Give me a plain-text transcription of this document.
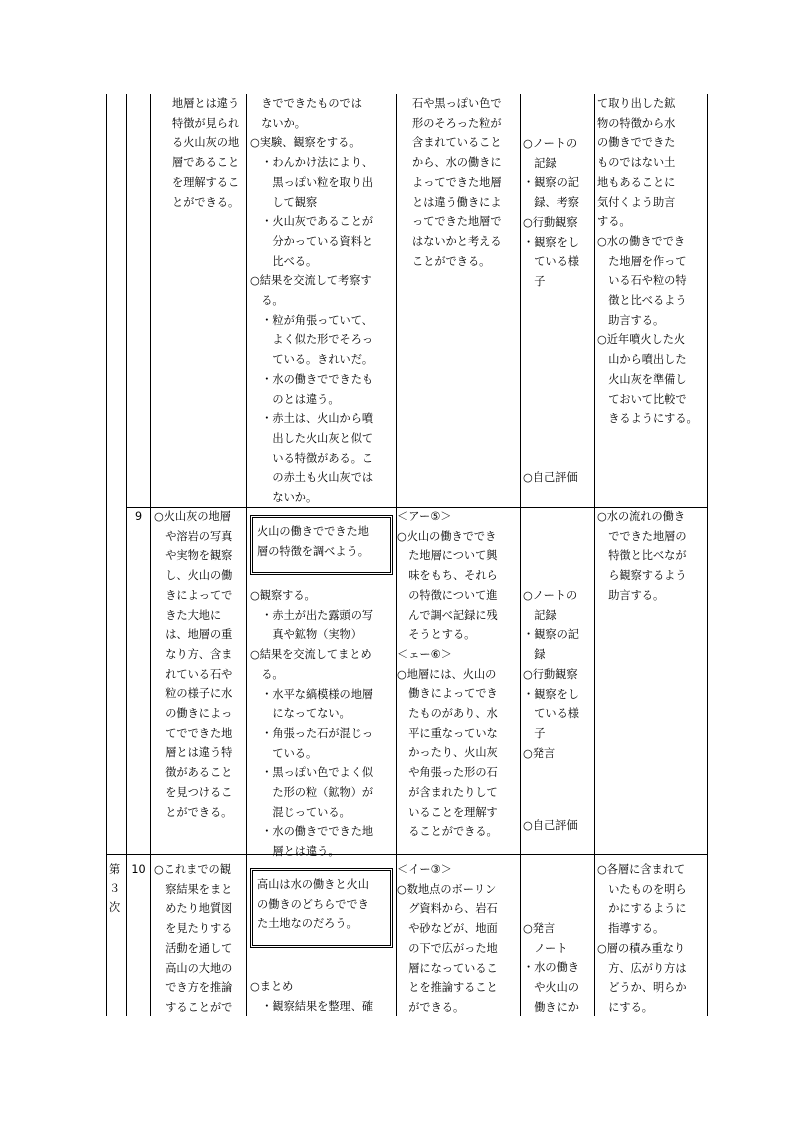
地層とは違う
特徴が見られ
る火山灰の地
層であること
を理解するこ
とができる。
　きでできたものでは
　ないか。
○実験、観察をする。
　・わんかけ法により、
　　黒っぽい粒を取り出
　　して観察
　・火山灰であることが
　　分かっている資料と
　　比べる。
○結果を交流して考察す
　る。
　・粒が角張っていて、
　　よく似た形でそろっ
　　ている。きれいだ。
　・水の働きでできたも
　　のとは違う。
　・赤土は、火山から噴
　　出した火山灰と似て
　　いる特徴がある。こ
　　の赤土も火山灰では
　　ないか。
石や黒っぽい色で
形のそろった粒が
含まれていること
から、水の働きに
よってできた地層
とは違う働きによ
ってできた地層で
はないかと考える
ことができる。
○ノートの
　記録
・観察の記
　録、考察
○行動観察
・観察をし
　ている様
　子
○自己評価
て取り出した鉱
物の特徴から水
の働きでできた
ものではない土
地もあることに
気付くよう助言
する。
○水の働きででき
　た地層を作って
　いる石や粒の特
　徴と比べるよう
　助言する。
○近年噴火した火
　山から噴出した
　火山灰を準備し
　ておいて比較で
　きるようにする。
9	○火山灰の地層
　や溶岩の写真
　や実物を観察
　し、火山の働
　きによってで
　きた大地に
　は、地層の重
　なり方、含ま
　れている石や
　粒の様子に水
　の働きによっ
　てでできた地
　層とは違う特
　徴があること
　を見つけるこ
　とができる。
火山の働きでできた地
層の特徴を調べよう。
○観察する。
　・赤土が出た露頭の写
　　真や鉱物（実物）
○結果を交流してまとめ
　る。
　・水平な縞模様の地層
　　になってない。
　・角張った石が混じっ
　　ている。
　・黒っぽい色でよく似
　　た形の粒（鉱物）が
　　混じっている。
　・水の働きでできた地
　　層とは違う。
＜アー⑤＞
○火山の働きででき
　た地層について興
　味をもち、それら
　の特徴について進
　んで調べ記録に残
　そうとする。
＜ェー⑥＞
○地層には、火山の
　働きによってでき
　たものがあり、水
　平に重なっていな
　かったり、火山灰
　や角張った形の石
　が含まれたりして
　いることを理解す
　ることができる。
○ノートの
　記録
・観察の記
　録
○行動観察
・観察をし
　ている様
　子
○発言
○自己評価
○水の流れの働き
　でできた地層の
　特徴と比べなが
　ら観察するよう
　助言する。
第
３
次
10 ○これまでの観
　察結果をまと
　めたり地質図
　を見たりする
　活動を通して
　高山の大地の
　でき方を推論
　することがで
高山は水の働きと火山
の働きのどちらででき
た土地なのだろう。
○まとめ
　・観察結果を整理、確
＜イー③＞
○数地点のボーリン
　グ資料から、岩石
　や砂などが、地面
　の下で広がった地
　層になっているこ
　とを推論すること
　ができる。
○発言
　ノート
・水の働き
　や火山の
　働きにか
○各層に含まれて
　いたものを明ら
　かにするように
　指導する。
○層の積み重なり
　方、広がり方は
　どうか、明らか
　にする。
